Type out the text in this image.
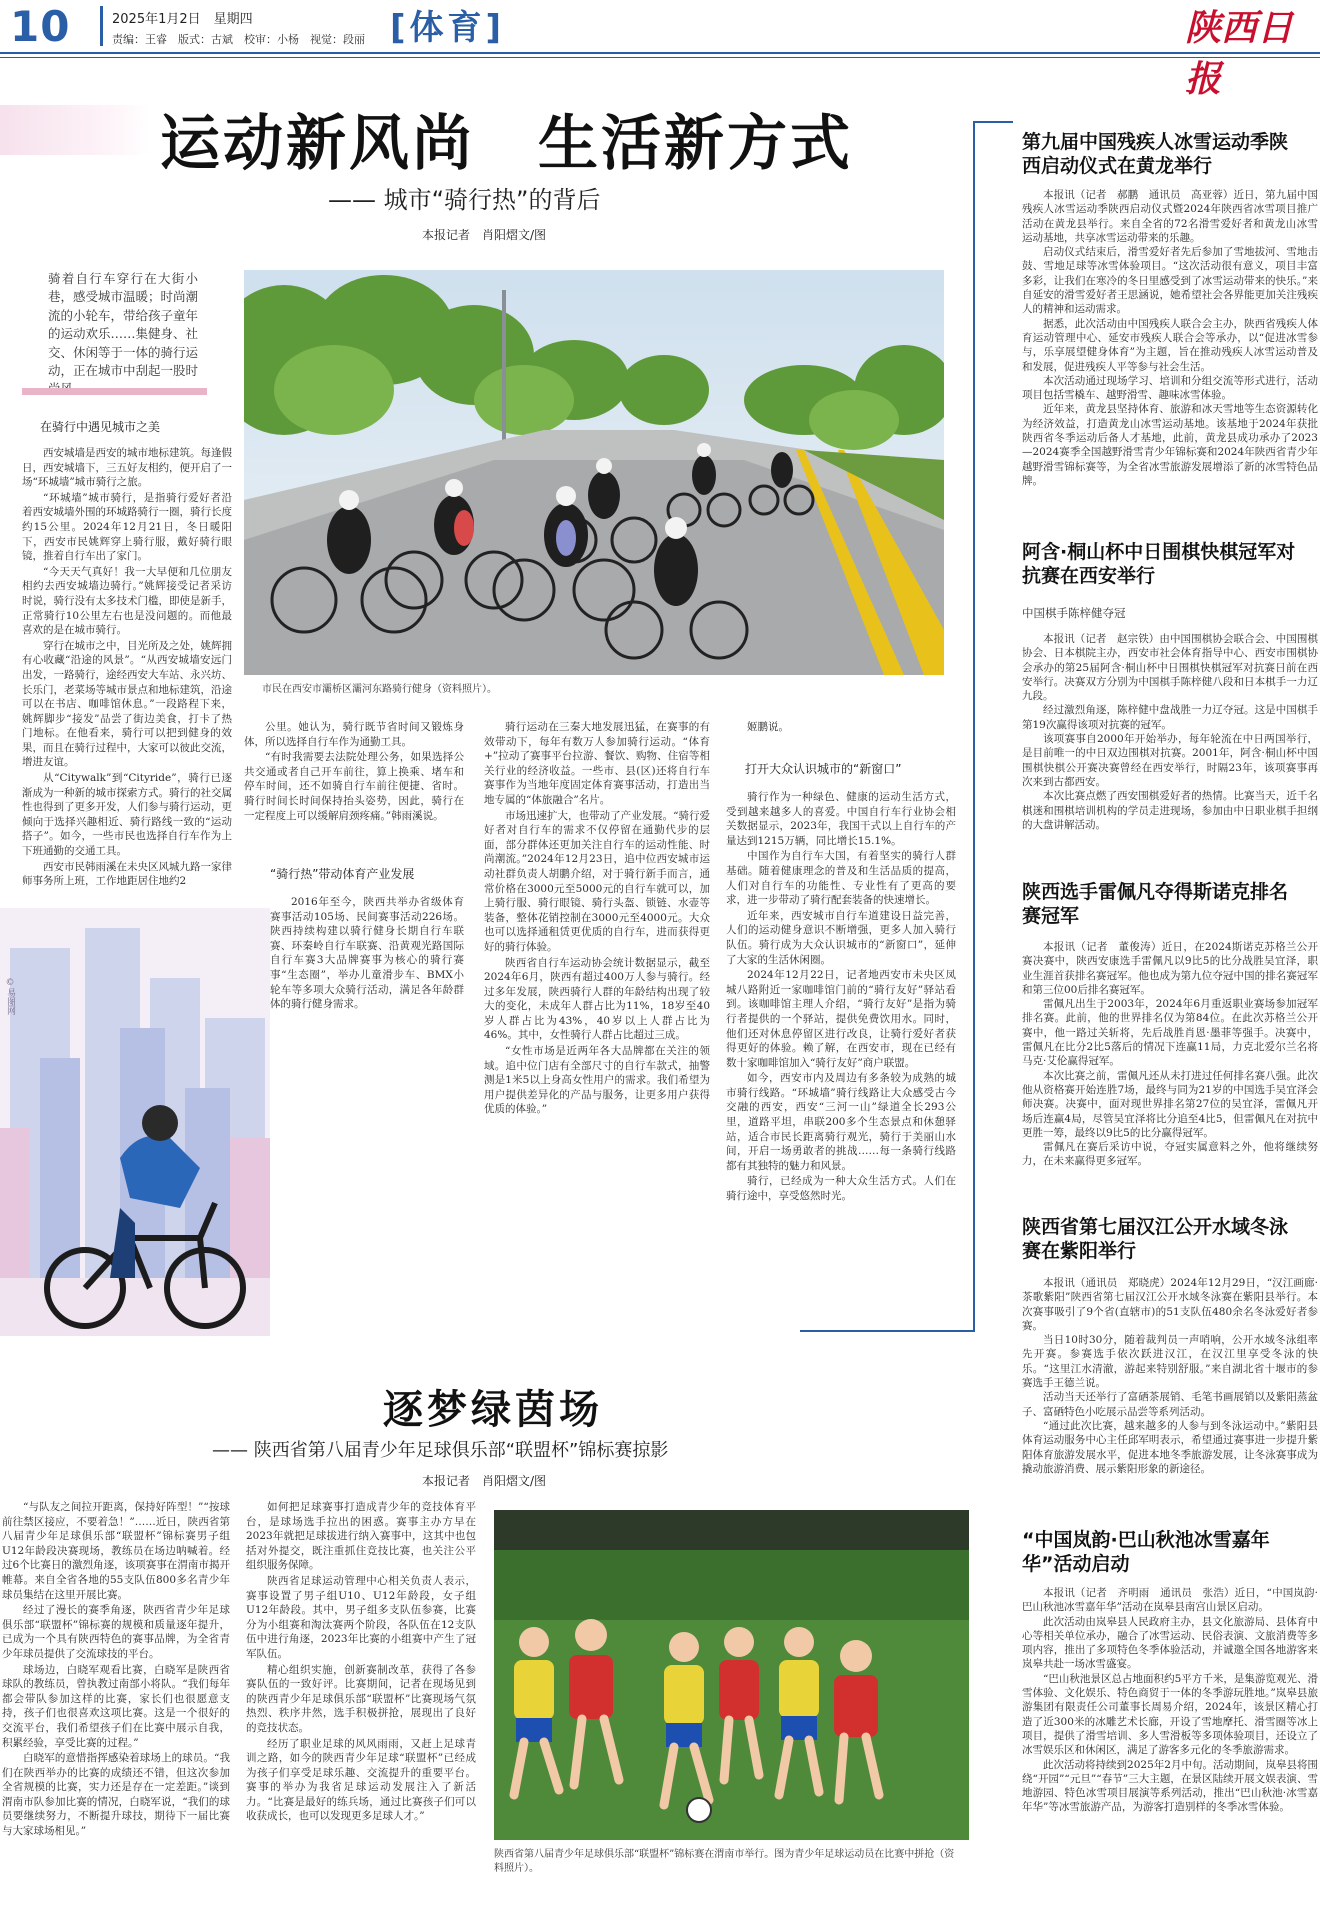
10	2025年1月2日　星期四
责编：王睿　版式：古斌　校审：小杨　视觉：段丽 [体育]	陕西日报
运动新风尚　生活新方式
—— 城市“骑行热”的背后
本报记者　肖阳熠文/图
骑着自行车穿行在大街小巷，感受城市温暖；时尚潮流的小轮车，带给孩子童年的运动欢乐……集健身、社交、休闲等于一体的骑行运动，正在城市中刮起一股时
在骑行中遇见城市之美
市民在西安市灞桥区灞河东路骑行健身（资料照片）。

西安城墙是西安的城市地标建筑。每逢假日，西安城墙下，三五好友相约，便开启了一场“环城墙”城市骑行之旅。

“环城墙”城市骑行，是指骑行爱好者沿着西安城墙外围的环城路骑行一圈，骑行长度约15公里。2024年12月21日，冬日暖阳下，西安市民姚辉穿上骑行服，戴好骑行眼镜，推着自行车出了家门。

“今天天气真好！我一大早便和几位朋友相约去西安城墙边骑行。”姚辉接受记者采访时说，骑行没有太多技术门槛，即使是新手，正常骑行10公里左右也是没问题的。而他最喜欢的是在城市骑行。

穿行在城市之中，目光所及之处，姚辉拥有心收藏“沿途的风景”。“从西安城墙安远门出发，一路骑行，途经西安大车站、永兴坊、长乐门，老菜场等城市景点和地标建筑，沿途可以在书店、咖啡馆休息。”一段路程下来，姚辉脚步“接发”品尝了街边美食，打卡了热门地标。在他看来，骑行可以把到健身的效果，而且在骑行过程中，大家可以彼此交流，增进友谊。

从“Citywalk”到“Cityride”，骑行已逐渐成为一种新的城市探索方式。骑行的社交属性也得到了更多开发，人们参与骑行运动，更倾向于选择兴趣相近、骑行路线一致的“运动搭子”。如今，一些市民也选择自行车作为上下班通勤的交通工具。

西安市民韩雨溪在未央区风城九路一家律师事务所上班，工作地距居住地约2

©易图网

公里。她认为，骑行既节省时间又锻炼身体，所以选择自行车作为通勤工具。

“有时我需要去法院处理公务，如果选择公共交通或者自己开车前往，算上换乘、堵车和停车时间，还不如骑自行车前往便捷、省时。骑行时间长时间保持抬头姿势，因此，骑行在一定程度上可以缓解肩颈疼痛。”韩雨溪说。

“骑行热”带动体育产业发展

2016年至今，陕西共举办省级体育赛事活动105场、民间赛事活动226场。陕西持续构建以骑行健身长期自行车联赛、环秦岭自行车联赛、沿黄观光路国际自行车赛3大品牌赛事为核心的骑行赛事“生态圈”，举办儿童滑步车、BMX小轮车等多项大众骑行活动，满足各年龄群体的骑行健身需求。

骑行运动在三秦大地发展迅猛，在赛事的有效带动下，每年有数万人参加骑行运动。“体育+”拉动了赛事平台拉游、餐饮、购物、住宿等相关行业的经济收益。一些市、县(区)还将自行车赛事作为当地年度固定体育赛事活动，打造出当地专属的“体旅融合”名片。

市场迅速扩大，也带动了产业发展。“骑行爱好者对自行车的需求不仅停留在通勤代步的层面，部分群体还更加关注自行车的运动性能、时尚潮流。”2024年12月23日，追中位西安城市运动社群负责人胡鹏介绍，对于骑行新手而言，通常价格在3000元至5000元的自行车就可以，加上骑行服、骑行眼镜、骑行头盔、锁链、水壶等装备，整体花销控制在3000元至4000元。大众也可以选择通租赁更优质的自行车，进而获得更好的骑行体验。

陕西省自行车运动协会统计数据显示，截至2024年6月，陕西有超过400万人参与骑行。经过多年发展，陕西骑行人群的年龄结构出现了较大的变化，未成年人群占比为11%，18岁至40岁人群占比为43%，40岁以上人群占比为46%。其中，女性骑行人群占比超过三成。

“女性市场是近两年各大品牌都在关注的领域。追中位门店有全部尺寸的自行车款式，抽警测是1米5以上身高女性用户的需求。我们希望为用户提供差异化的产品与服务，让更多用户获得优质的体验。”

姬鹏说。

打开大众认识城市的“新窗口”

骑行作为一种绿色、健康的运动生活方式，受到越来越多人的喜爱。中国自行车行业协会相关数据显示，2023年，我国干式以上自行车的产量达到1215万辆，同比增长15.1%。

中国作为自行车大国，有着坚实的骑行人群基础。随着健康理念的普及和生活品质的提高，人们对自行车的功能性、专业性有了更高的要求，进一步带动了骑行配套装备的快速增长。

近年来，西安城市自行车道建设日益完善，人们的运动健身意识不断增强，更多人加入骑行队伍。骑行成为大众认识城市的“新窗口”，延伸了大家的生活休闲圈。

2024年12月22日，记者地西安市未央区凤城八路附近一家咖啡馆门前的“骑行友好”驿站看到。该咖啡馆主理人介绍，“骑行友好”是指为骑行者提供的一个驿站，提供免费饮用水。同时，他们还对休息停留区进行改良，让骑行爱好者获得更好的体验。赖了解，在西安市，现在已经有数十家咖啡馆加入“骑行友好”商户联盟。

如今，西安市内及周边有多条较为成熟的城市骑行线路。“环城墙”骑行线路让大众感受古今交融的西安，西安“三河一山”绿道全长293公里，道路平坦，串联200多个生态景点和休憩驿站，适合市民长距离骑行观光，骑行于美丽山水间，开启一场勇敢者的挑战……每一条骑行线路都有其独特的魅力和风景。

骑行，已经成为一种大众生活方式。人们在骑行途中，享受悠然时光。

第九届中国残疾人冰雪运动季陕西启动仪式在黄龙举行

本报讯（记者　郝鹏　通讯员　高亚蓉）近日，第九届中国残疾人冰雪运动季陕西启动仪式暨2024年陕西省冰雪项目推广活动在黄龙县举行。来自全省的72名滑雪爱好者和黄龙山冰雪运动基地，共享冰雪运动带来的乐趣。

启动仪式结束后，滑雪爱好者先后参加了雪地拔河、雪地击鼓、雪地足球等冰雪体验项目。“这次活动很有意义，项目丰富多彩，让我们在寒冷的冬日里感受到了冰雪运动带来的快乐。”来自延安的滑雪爱好者王思涵说，她希望社会各界能更加关注残疾人的精神和运动需求。

据悉，此次活动由中国残疾人联合会主办，陕西省残疾人体育运动管理中心、延安市残疾人联合会等承办，以“促进冰雪参与，乐享展望健身体育”为主题，旨在推动残疾人冰雪运动普及和发展，促进残疾人平等参与社会生活。

本次活动通过现场学习、培训和分组交流等形式进行，活动项目包括雪橇车、越野滑雪、趣味冰雪体验。

近年来，黄龙县坚持体育、旅游和冰天雪地等生态资源转化为经济效益，打造黄龙山冰雪运动基地。该基地于2024年获批陕西省冬季运动后备人才基地，此前，黄龙县成功承办了2023—2024赛季全国越野滑雪青少年锦标赛和2024年陕西省青少年越野滑雪锦标赛等，为全省冰雪旅游发展增添了新的冰雪特色品牌。

阿含·桐山杯中日围棋快棋冠军对抗赛在西安举行
中国棋手陈梓健夺冠

本报讯（记者　赵宗铁）由中国围棋协会联合会、中国围棋协会、日本棋院主办，西安市社会体育指导中心、西安市围棋协会承办的第25届阿含·桐山杯中日围棋快棋冠军对抗赛日前在西安举行。决赛双方分别为中国棋手陈梓健八段和日本棋手一力辽九段。

经过激烈角逐，陈梓健中盘战胜一力辽夺冠。这是中国棋手第19次赢得该项对抗赛的冠军。

该项赛事自2000年开始举办，每年轮流在中日两国举行，是目前唯一的中日双边围棋对抗赛。2001年，阿含·桐山杯中国围棋快棋公开赛决赛曾经在西安举行，时隔23年，该项赛事再次来到古都西安。

本次比赛点燃了西安围棋爱好者的热情。比赛当天，近千名棋迷和围棋培训机构的学员走进现场，参加由中日职业棋手担纲的大盘讲解活动。

陕西选手雷佩凡夺得斯诺克排名赛冠军

本报讯（记者　董俊涛）近日，在2024斯诺克苏格兰公开赛决赛中，陕西安康选手雷佩凡以9比5的比分战胜吴宜泽，职业生涯首获排名赛冠军。他也成为第九位夺冠中国的排名赛冠军和第三位00后排名赛冠军。

雷佩凡出生于2003年，2024年6月重返职业赛场参加冠军排名赛。此前，他的世界排名仅为第84位。在此次苏格兰公开赛中，他一路过关斩将，先后战胜肖恩·墨菲等强手。决赛中，雷佩凡在比分2比5落后的情况下连赢11局，力克北爱尔兰名将马克·艾伦赢得冠军。

本次比赛之前，雷佩凡还从未打进过任何排名赛八强。此次他从资格赛开始连胜7场，最终与同为21岁的中国选手吴宜泽会师决赛。决赛中，面对现世界排名第27位的吴宜泽，雷佩凡开场后连赢4局，尽管吴宜泽将比分追至4比5，但雷佩凡在对抗中更胜一筹，最终以9比5的比分赢得冠军。

雷佩凡在赛后采访中说，夺冠实属意料之外，他将继续努力，在未来赢得更多冠军。

陕西省第七届汉江公开水域冬泳赛在紫阳举行

本报讯（通讯员　郑晓虎）2024年12月29日，“汉江画廊·茶歌紫阳”陕西省第七届汉江公开水域冬泳赛在紫阳县举行。本次赛事吸引了9个省(直辖市)的51支队伍480余名冬泳爱好者参赛。

当日10时30分，随着裁判员一声哨响，公开水域冬泳组率先开赛。参赛选手依次跃进汉江，在汉江里享受冬泳的快乐。“这里江水清澈，游起来特别舒服。”来自湖北省十堰市的参赛选手王德兰说。

活动当天还举行了富硒茶展销、毛笔书画展销以及紫阳蒸盆子、富硒特色小吃展示品尝等系列活动。

“通过此次比赛，越来越多的人参与到冬泳运动中。”紫阳县体育运动服务中心主任邱军明表示，希望通过赛事进一步提升紫阳体育旅游发展水平，促进本地冬季旅游发展，让冬泳赛事成为撬动旅游消费、展示紫阳形象的新途径。

“中国岚韵·巴山秋池冰雪嘉年华”活动启动

本报讯（记者　齐明雨　通讯员　张浩）近日，“中国岚韵·巴山秋池冰雪嘉年华”活动在岚皋县南宫山景区启动。

此次活动由岚皋县人民政府主办，县文化旅游局、县体育中心等相关单位承办，融合了冰雪运动、民俗表演、文旅消费等多项内容，推出了多项特色冬季体验活动，并诚邀全国各地游客来岚皋共赴一场冰雪盛宴。

“巴山秋池景区总占地面积约5平方千米，是集游览观光、滑雪体验、文化娱乐、特色商贸于一体的冬季游玩胜地。”岚皋县旅游集团有限责任公司董事长周易介绍，2024年，该景区精心打造了近300米的冰雕艺术长廊，开设了雪地摩托、滑雪圈等冰上项目，提供了滑雪培训、多人雪滑板等多项体验项目，还设立了冰雪娱乐区和休闲区，满足了游客多元化的冬季旅游需求。

此次活动将持续到2025年2月中旬。活动期间，岚皋县将围绕“开园”“元旦”“春节”三大主题，在景区陆续开展文娱表演、雪地游园、特色冰雪项目展演等系列活动，推出“巴山秋池·冰雪嘉年华”等冰雪旅游产品，为游客打造别样的冬季冰雪体验。

逐梦绿茵场
—— 陕西省第八届青少年足球俱乐部“联盟杯”锦标赛掠影
本报记者　肖阳熠文/图

“与队友之间拉开距离，保持好阵型！”“按球前往禁区接应，不要着急！”……近日，陕西省第八届青少年足球俱乐部“联盟杯”锦标赛男子组U12年龄段决赛现场，教练员在场边呐喊着。经过6个比赛日的激烈角逐，该项赛事在渭南市揭开帷幕。来自全省各地的55支队伍800多名青少年球员集结在这里开展比赛。

经过了漫长的赛季角逐，陕西省青少年足球俱乐部“联盟杯”锦标赛的规模和质量逐年提升，已成为一个具有陕西特色的赛事品牌，为全省青少年球员提供了交流球技的平台。

球场边，白晓军观看比赛，白晓军是陕西省球队的教练员，曾执教过南部小将队。“我们每年都会带队参加这样的比赛，家长们也很愿意支持，孩子们也很喜欢这项比赛。这是一个很好的交流平台，我们希望孩子们在比赛中展示自我，积累经验，享受比赛的过程。”

白晓军的意惜指挥感染着球场上的球员。“我们在陕西举办的比赛的成绩还不错，但这次参加全省规模的比赛，实力还是存在一定差距。”谈到渭南市队参加比赛的情况，白晓军说，“我们的球员要继续努力，不断提升球技，期待下一届比赛与大家球场相见。”

如何把足球赛事打造成青少年的竞技体育平台，是球场选手拉出的困惑。赛事主办方早在2023年就把足球拔进行纳入赛事中，这其中也包括对外提交，既注重抓住竞技比赛，也关注公平组织服务保障。

陕西省足球运动管理中心相关负责人表示，赛事设置了男子组U10、U12年龄段，女子组U12年龄段。其中，男子组多支队伍参赛，比赛分为小组赛和淘汰赛两个阶段，各队伍在12支队伍中进行角逐，2023年比赛的小组赛中产生了冠军队伍。

精心组织实施，创新赛制改革，获得了各参赛队伍的一致好评。比赛期间，记者在现场见到的陕西青少年足球俱乐部“联盟杯”比赛现场气氛热烈、秩序井然，选手积极拼抢，展现出了良好的竞技状态。

经历了职业足球的风风雨雨，又赶上足球青训之路，如今的陕西青少年足球“联盟杯”已经成为孩子们享受足球乐趣、交流提升的重要平台。赛事的举办为我省足球运动发展注入了新活力。“比赛是最好的练兵场，通过比赛孩子们可以收获成长，也可以发现更多足球人才。”

陕西省第八届青少年足球俱乐部“联盟杯”锦标赛在渭南市举行。图为青少年足球运动员在比赛中拼抢（资料照片）。
